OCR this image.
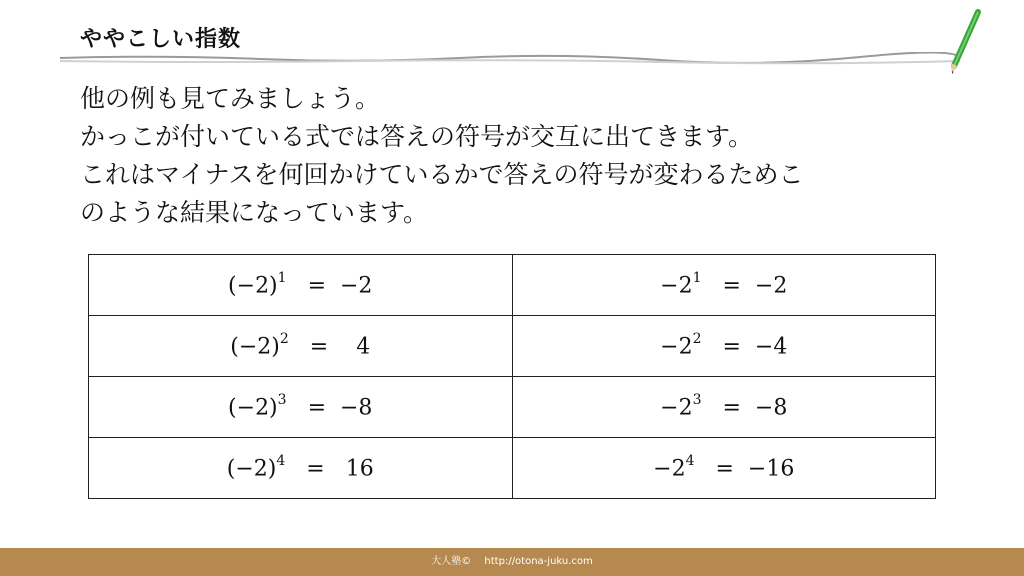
ややこしい指数
他の例も見てみましょう。
かっこが付いている式では答えの符号が交互に出てきます。
これはマイナスを何回かけているかで答えの符号が変わるためこ
のような結果になっています。
$(-2)^1 = -2$	$-2^1 = -2$
$(-2)^2 = 4$	$-2^2 = -4$
$(-2)^3 = -8$	$-2^3 = -8$
$(-2)^4 = 16$	$-2^4 = -16$
大人塾© http://otona-juku.com
